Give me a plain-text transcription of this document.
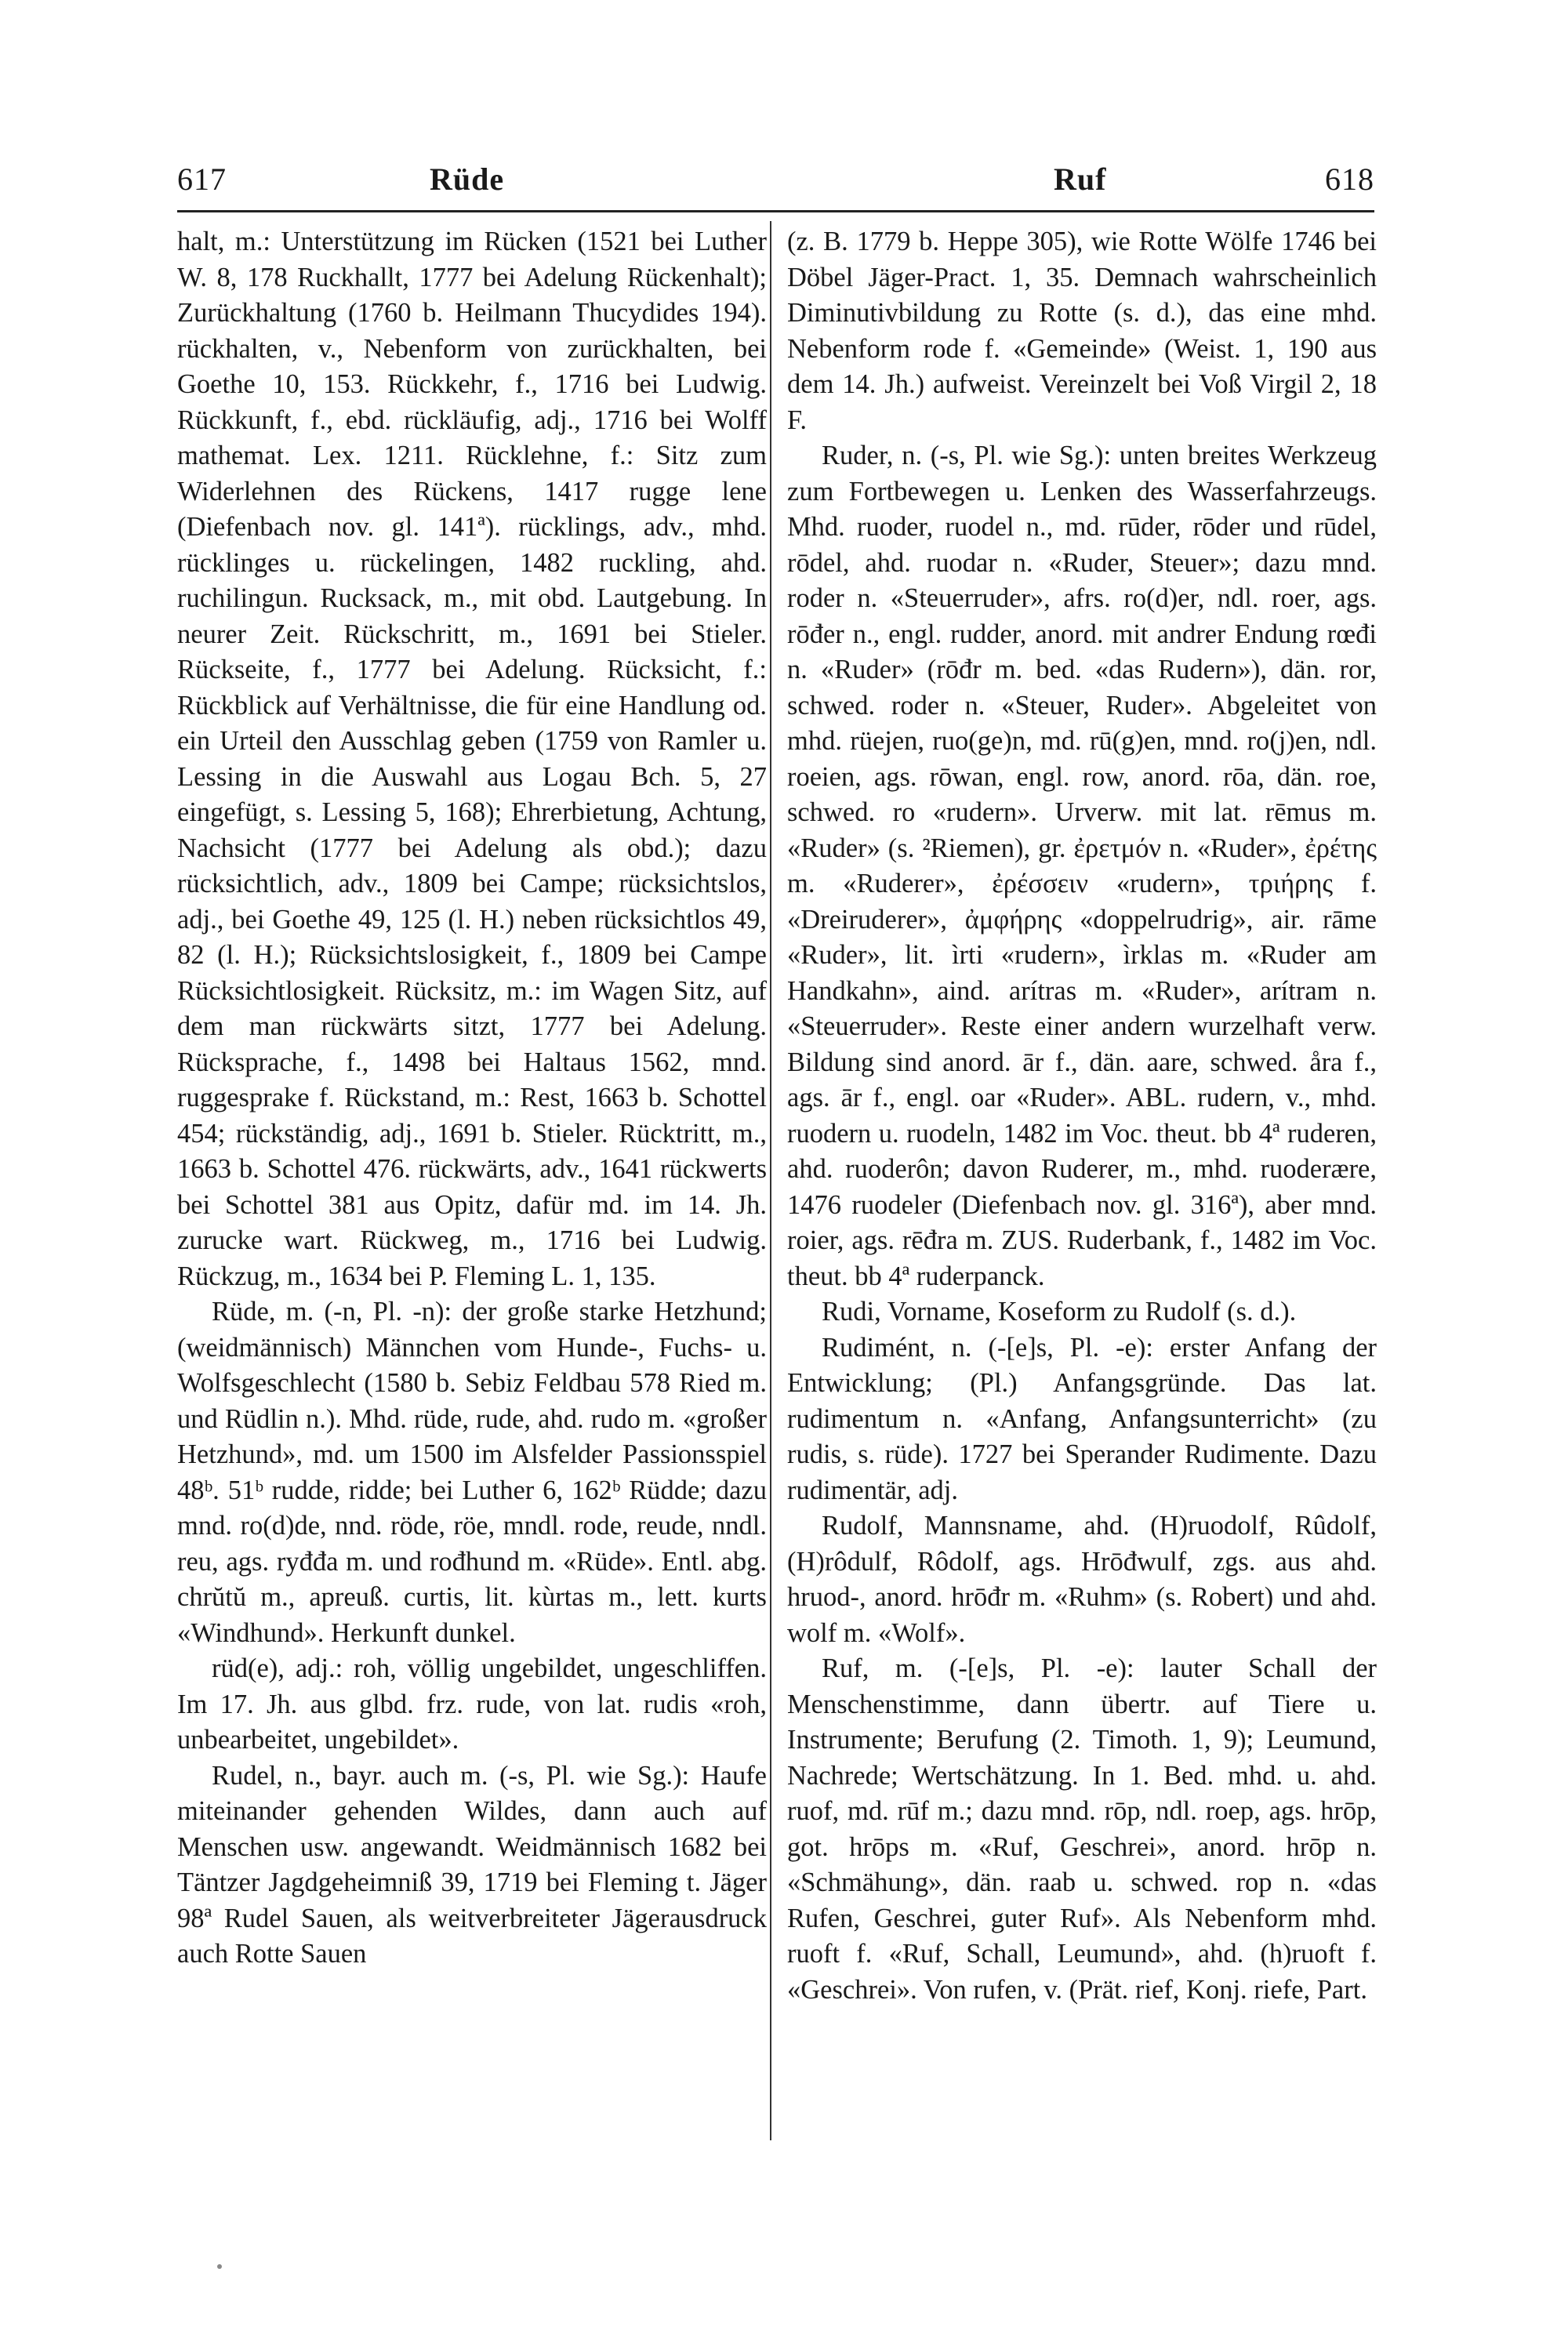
617	Rüde	Ruf	618

halt, m.: Unterstützung im Rücken (1521 bei Luther W. 8, 178 Ruckhallt, 1777 bei Adelung Rückenhalt); Zurückhaltung (1760 b. Heilmann Thucydides 194). rückhalten, v., Nebenform von zurückhalten, bei Goethe 10, 153. Rückkehr, f., 1716 bei Ludwig. Rückkunft, f., ebd. rückläufig, adj., 1716 bei Wolff mathemat. Lex. 1211. Rücklehne, f.: Sitz zum Widerlehnen des Rückens, 1417 rugge lene (Diefenbach nov. gl. 141ª). rücklings, adv., mhd. rücklinges u. rückelingen, 1482 ruckling, ahd. ruchilingun. Rucksack, m., mit obd. Lautgebung. In neurer Zeit. Rückschritt, m., 1691 bei Stieler. Rückseite, f., 1777 bei Adelung. Rücksicht, f.: Rückblick auf Verhältnisse, die für eine Handlung od. ein Urteil den Ausschlag geben (1759 von Ramler u. Lessing in die Auswahl aus Logau Bch. 5, 27 eingefügt, s. Lessing 5, 168); Ehrerbietung, Achtung, Nachsicht (1777 bei Adelung als obd.); dazu rücksichtlich, adv., 1809 bei Campe; rücksichtslos, adj., bei Goethe 49, 125 (l. H.) neben rücksichtlos 49, 82 (l. H.); Rücksichtslosigkeit, f., 1809 bei Campe Rücksichtlosigkeit. Rücksitz, m.: im Wagen Sitz, auf dem man rückwärts sitzt, 1777 bei Adelung. Rücksprache, f., 1498 bei Haltaus 1562, mnd. ruggesprake f. Rückstand, m.: Rest, 1663 b. Schottel 454; rückständig, adj., 1691 b. Stieler. Rücktritt, m., 1663 b. Schottel 476. rückwärts, adv., 1641 rückwerts bei Schottel 381 aus Opitz, dafür md. im 14. Jh. zurucke wart. Rückweg, m., 1716 bei Ludwig. Rückzug, m., 1634 bei P. Fleming L. 1, 135.

Rüde, m. (-n, Pl. -n): der große starke Hetzhund; (weidmännisch) Männchen vom Hunde-, Fuchs- u. Wolfsgeschlecht (1580 b. Sebiz Feldbau 578 Ried m. und Rüdlin n.). Mhd. rüde, rude, ahd. rudo m. «großer Hetzhund», md. um 1500 im Alsfelder Passionsspiel 48ᵇ. 51ᵇ rudde, ridde; bei Luther 6, 162ᵇ Rüdde; dazu mnd. ro(d)de, nnd. röde, röe, mndl. rode, reude, nndl. reu, ags. ryđđa m. und rođhund m. «Rüde». Entl. abg. chrŭtŭ m., apreuß. curtis, lit. kùrtas m., lett. kurts «Windhund». Herkunft dunkel.

rüd(e), adj.: roh, völlig ungebildet, ungeschliffen. Im 17. Jh. aus glbd. frz. rude, von lat. rudis «roh, unbearbeitet, ungebildet».

Rudel, n., bayr. auch m. (-s, Pl. wie Sg.): Haufe miteinander gehenden Wildes, dann auch auf Menschen usw. angewandt. Weidmännisch 1682 bei Täntzer Jagdgeheimniß 39, 1719 bei Fleming t. Jäger 98ª Rudel Sauen, als weitverbreiteter Jägerausdruck auch Rotte Sauen

(z. B. 1779 b. Heppe 305), wie Rotte Wölfe 1746 bei Döbel Jäger-Pract. 1, 35. Demnach wahrscheinlich Diminutivbildung zu Rotte (s. d.), das eine mhd. Nebenform rode f. «Gemeinde» (Weist. 1, 190 aus dem 14. Jh.) aufweist. Vereinzelt bei Voß Virgil 2, 18 F.

Ruder, n. (-s, Pl. wie Sg.): unten breites Werkzeug zum Fortbewegen u. Lenken des Wasserfahrzeugs. Mhd. ruoder, ruodel n., md. rūder, rōder und rūdel, rōdel, ahd. ruodar n. «Ruder, Steuer»; dazu mnd. roder n. «Steuerruder», afrs. ro(d)er, ndl. roer, ags. rōđer n., engl. rudder, anord. mit andrer Endung rœđi n. «Ruder» (rōđr m. bed. «das Rudern»), dän. ror, schwed. roder n. «Steuer, Ruder». Abgeleitet von mhd. rüejen, ruo(ge)n, md. rū(g)en, mnd. ro(j)en, ndl. roeien, ags. rōwan, engl. row, anord. rōa, dän. roe, schwed. ro «rudern». Urverw. mit lat. rēmus m. «Ruder» (s. ²Riemen), gr. ἐρετμόν n. «Ruder», ἐρέτης m. «Ruderer», ἐρέσσειν «rudern», τριήρης f. «Dreiruderer», ἀμφήρης «doppelrudrig», air. rāme «Ruder», lit. ìrti «rudern», ìrklas m. «Ruder am Handkahn», aind. arítras m. «Ruder», arítram n. «Steuerruder». Reste einer andern wurzelhaft verw. Bildung sind anord. ār f., dän. aare, schwed. åra f., ags. ār f., engl. oar «Ruder». ABL. rudern, v., mhd. ruodern u. ruodeln, 1482 im Voc. theut. bb 4ª ruderen, ahd. ruoderôn; davon Ruderer, m., mhd. ruoderære, 1476 ruodeler (Diefenbach nov. gl. 316ª), aber mnd. roier, ags. rēđra m. ZUS. Ruderbank, f., 1482 im Voc. theut. bb 4ª ruderpanck.

Rudi, Vorname, Koseform zu Rudolf (s. d.).

Rudimént, n. (-[e]s, Pl. -e): erster Anfang der Entwicklung; (Pl.) Anfangsgründe. Das lat. rudimentum n. «Anfang, Anfangsunterricht» (zu rudis, s. rüde). 1727 bei Sperander Rudimente. Dazu rudimentär, adj.

Rudolf, Mannsname, ahd. (H)ruodolf, Rûdolf, (H)rôdulf, Rôdolf, ags. Hrōđwulf, zgs. aus ahd. hruod-, anord. hrōđr m. «Ruhm» (s. Robert) und ahd. wolf m. «Wolf».

Ruf, m. (-[e]s, Pl. -e): lauter Schall der Menschenstimme, dann übertr. auf Tiere u. Instrumente; Berufung (2. Timoth. 1, 9); Leumund, Nachrede; Wertschätzung. In 1. Bed. mhd. u. ahd. ruof, md. rūf m.; dazu mnd. rōp, ndl. roep, ags. hrōp, got. hrōps m. «Ruf, Geschrei», anord. hrōp n. «Schmähung», dän. raab u. schwed. rop n. «das Rufen, Geschrei, guter Ruf». Als Nebenform mhd. ruoft f. «Ruf, Schall, Leumund», ahd. (h)ruoft f. «Geschrei». Von rufen, v. (Prät. rief, Konj. riefe, Part.
